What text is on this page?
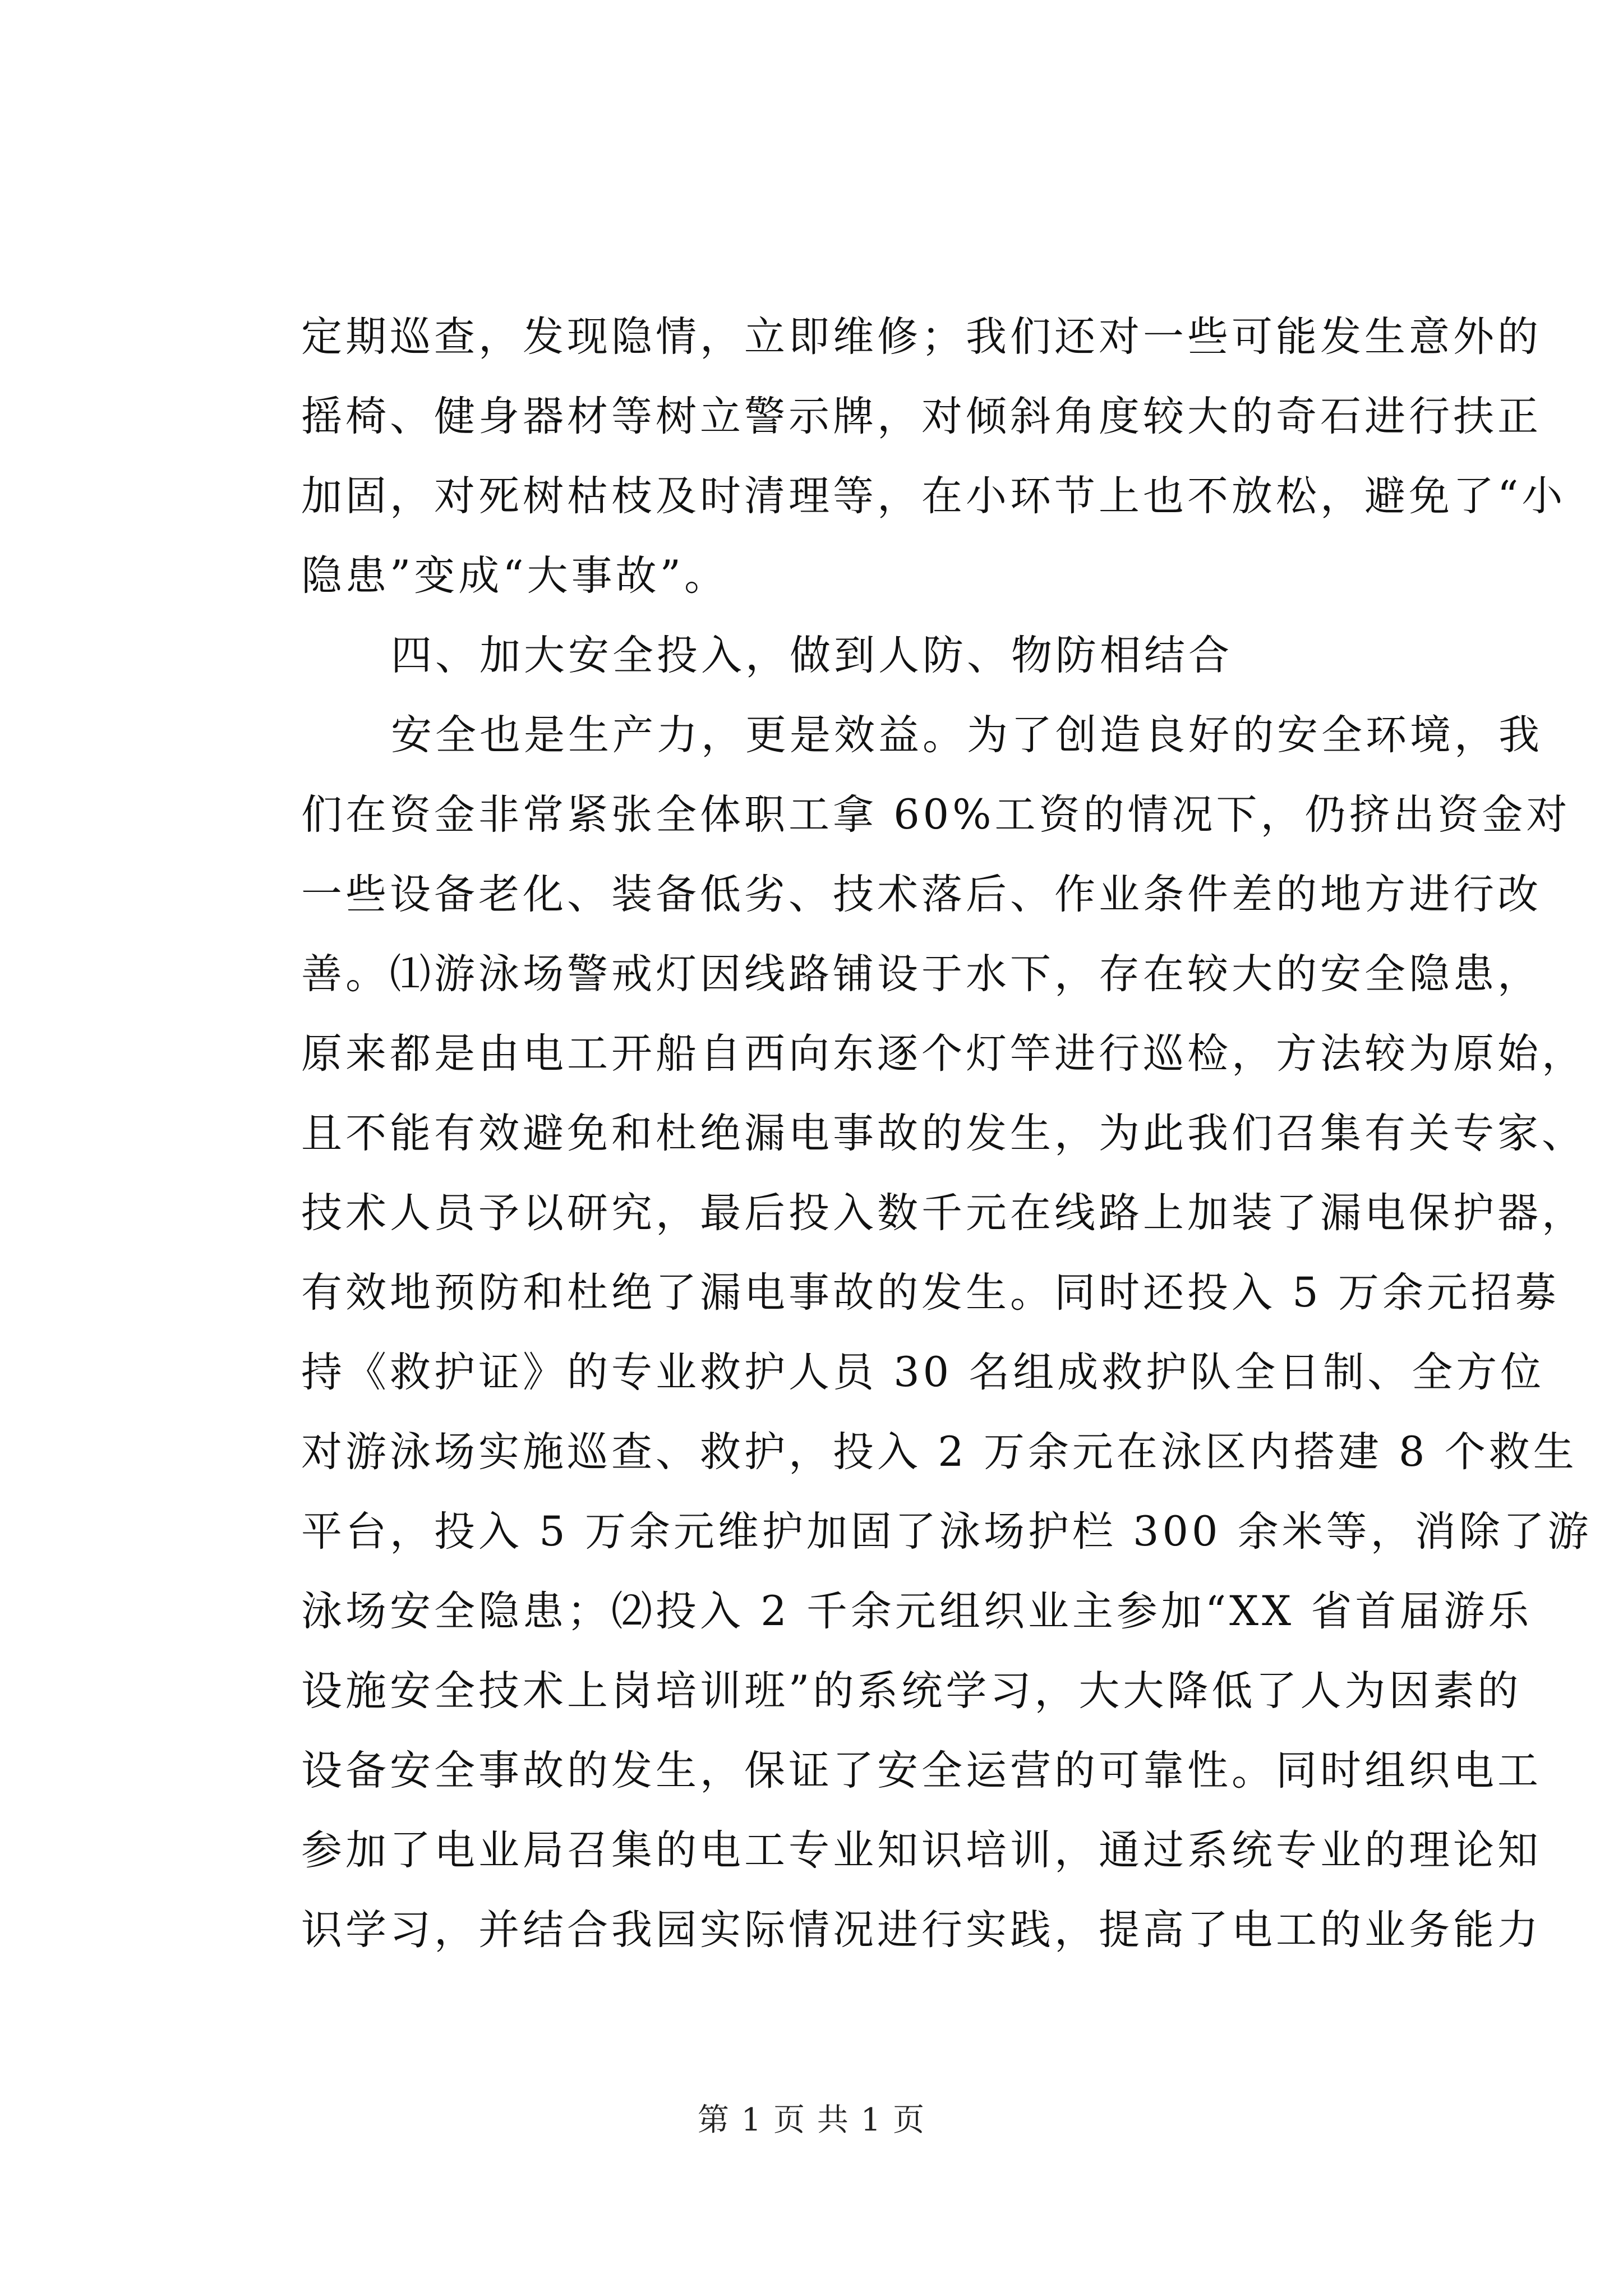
定期巡查，发现隐情，立即维修；我们还对一些可能发生意外的
摇椅、健身器材等树立警示牌，对倾斜角度较大的奇石进行扶正
加固，对死树枯枝及时清理等，在小环节上也不放松，避免了“小
隐患”变成“大事故”。
四、加大安全投入，做到人防、物防相结合
安全也是生产力，更是效益。为了创造良好的安全环境，我
们在资金非常紧张全体职工拿 60%工资的情况下，仍挤出资金对
一些设备老化、装备低劣、技术落后、作业条件差的地方进行改
善。⑴游泳场警戒灯因线路铺设于水下，存在较大的安全隐患，
原来都是由电工开船自西向东逐个灯竿进行巡检，方法较为原始，
且不能有效避免和杜绝漏电事故的发生，为此我们召集有关专家、
技术人员予以研究，最后投入数千元在线路上加装了漏电保护器，
有效地预防和杜绝了漏电事故的发生。同时还投入 5 万余元招募
持《救护证》的专业救护人员 30 名组成救护队全日制、全方位
对游泳场实施巡查、救护，投入 2 万余元在泳区内搭建 8 个救生
平台，投入 5 万余元维护加固了泳场护栏 300 余米等，消除了游
泳场安全隐患；⑵投入 2 千余元组织业主参加“XX 省首届游乐
设施安全技术上岗培训班”的系统学习，大大降低了人为因素的
设备安全事故的发生，保证了安全运营的可靠性。同时组织电工
参加了电业局召集的电工专业知识培训，通过系统专业的理论知
识学习，并结合我园实际情况进行实践，提高了电工的业务能力
第 1 页 共 1 页
